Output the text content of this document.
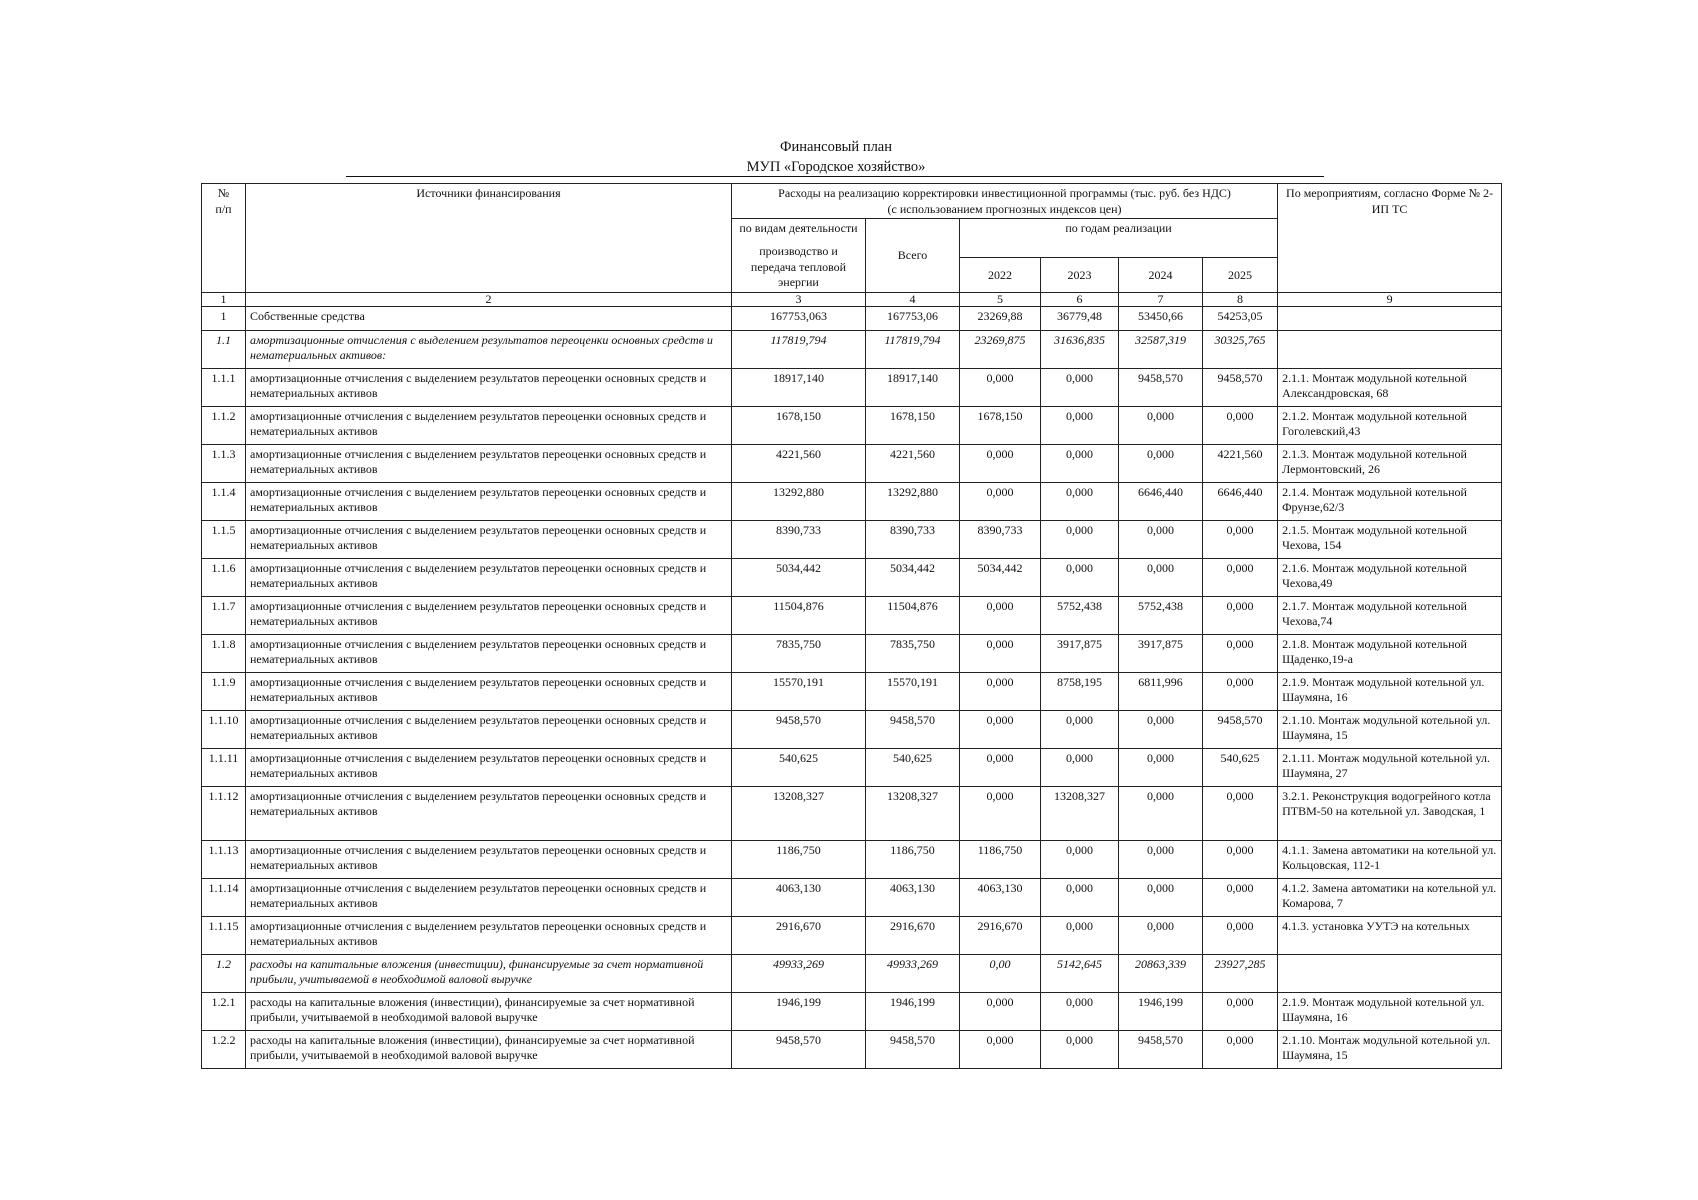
Финансовый план
МУП «Городское хозяйство»
№
п/п	Источники финансирования	Расходы на реализацию корректировки инвестиционной программы (тыс. руб. без НДС)
(с использованием прогнозных индексов цен)						По мероприятиям, согласно Форме № 2-ИП ТС
		по видам деятельности	Всего	по годам реализации				
		производство и передача тепловой энергии						
				2022	2023	2024	2025	
1	2	3	4	5	6	7	8	9
1	Собственные средства	167753,063	167753,06	23269,88	36779,48	53450,66	54253,05	
1.1	амортизационные отчисления с выделением результатов переоценки основных средств и нематериальных активов:	117819,794	117819,794	23269,875	31636,835	32587,319	30325,765	
1.1.1	амортизационные отчисления с выделением результатов переоценки основных средств и нематериальных активов	18917,140	18917,140	0,000	0,000	9458,570	9458,570	2.1.1. Монтаж модульной котельной Александровская, 68
1.1.2	амортизационные отчисления с выделением результатов переоценки основных средств и нематериальных активов	1678,150	1678,150	1678,150	0,000	0,000	0,000	2.1.2. Монтаж модульной котельной Гоголевский,43
1.1.3	амортизационные отчисления с выделением результатов переоценки основных средств и нематериальных активов	4221,560	4221,560	0,000	0,000	0,000	4221,560	2.1.3. Монтаж модульной котельной Лермонтовский, 26
1.1.4	амортизационные отчисления с выделением результатов переоценки основных средств и нематериальных активов	13292,880	13292,880	0,000	0,000	6646,440	6646,440	2.1.4. Монтаж модульной котельной Фрунзе,62/3
1.1.5	амортизационные отчисления с выделением результатов переоценки основных средств и нематериальных активов	8390,733	8390,733	8390,733	0,000	0,000	0,000	2.1.5. Монтаж модульной котельной Чехова, 154
1.1.6	амортизационные отчисления с выделением результатов переоценки основных средств и нематериальных активов	5034,442	5034,442	5034,442	0,000	0,000	0,000	2.1.6. Монтаж модульной котельной Чехова,49
1.1.7	амортизационные отчисления с выделением результатов переоценки основных средств и нематериальных активов	11504,876	11504,876	0,000	5752,438	5752,438	0,000	2.1.7. Монтаж модульной котельной Чехова,74
1.1.8	амортизационные отчисления с выделением результатов переоценки основных средств и нематериальных активов	7835,750	7835,750	0,000	3917,875	3917,875	0,000	2.1.8. Монтаж модульной котельной Щаденко,19-а
1.1.9	амортизационные отчисления с выделением результатов переоценки основных средств и нематериальных активов	15570,191	15570,191	0,000	8758,195	6811,996	0,000	2.1.9. Монтаж модульной котельной ул. Шаумяна, 16
1.1.10	амортизационные отчисления с выделением результатов переоценки основных средств и нематериальных активов	9458,570	9458,570	0,000	0,000	0,000	9458,570	2.1.10. Монтаж модульной котельной ул. Шаумяна, 15
1.1.11	амортизационные отчисления с выделением результатов переоценки основных средств и нематериальных активов	540,625	540,625	0,000	0,000	0,000	540,625	2.1.11. Монтаж модульной котельной ул. Шаумяна, 27
1.1.12	амортизационные отчисления с выделением результатов переоценки основных средств и нематериальных активов	13208,327	13208,327	0,000	13208,327	0,000	0,000	3.2.1. Реконструкция водогрейного котла ПТВМ-50 на котельной ул. Заводская, 1
1.1.13	амортизационные отчисления с выделением результатов переоценки основных средств и нематериальных активов	1186,750	1186,750	1186,750	0,000	0,000	0,000	4.1.1. Замена автоматики на котельной ул. Кольцовская, 112-1
1.1.14	амортизационные отчисления с выделением результатов переоценки основных средств и нематериальных активов	4063,130	4063,130	4063,130	0,000	0,000	0,000	4.1.2. Замена автоматики на котельной ул. Комарова, 7
1.1.15	амортизационные отчисления с выделением результатов переоценки основных средств и нематериальных активов	2916,670	2916,670	2916,670	0,000	0,000	0,000	4.1.3. установка УУТЭ на котельных
1.2	расходы на капитальные вложения (инвестиции), финансируемые за счет нормативной прибыли, учитываемой в необходимой валовой выручке	49933,269	49933,269	0,00	5142,645	20863,339	23927,285	
1.2.1	расходы на капитальные вложения (инвестиции), финансируемые за счет нормативной прибыли, учитываемой в необходимой валовой выручке	1946,199	1946,199	0,000	0,000	1946,199	0,000	2.1.9. Монтаж модульной котельной ул. Шаумяна, 16
1.2.2	расходы на капитальные вложения (инвестиции), финансируемые за счет нормативной прибыли, учитываемой в необходимой валовой выручке	9458,570	9458,570	0,000	0,000	9458,570	0,000	2.1.10. Монтаж модульной котельной ул. Шаумяна, 15
